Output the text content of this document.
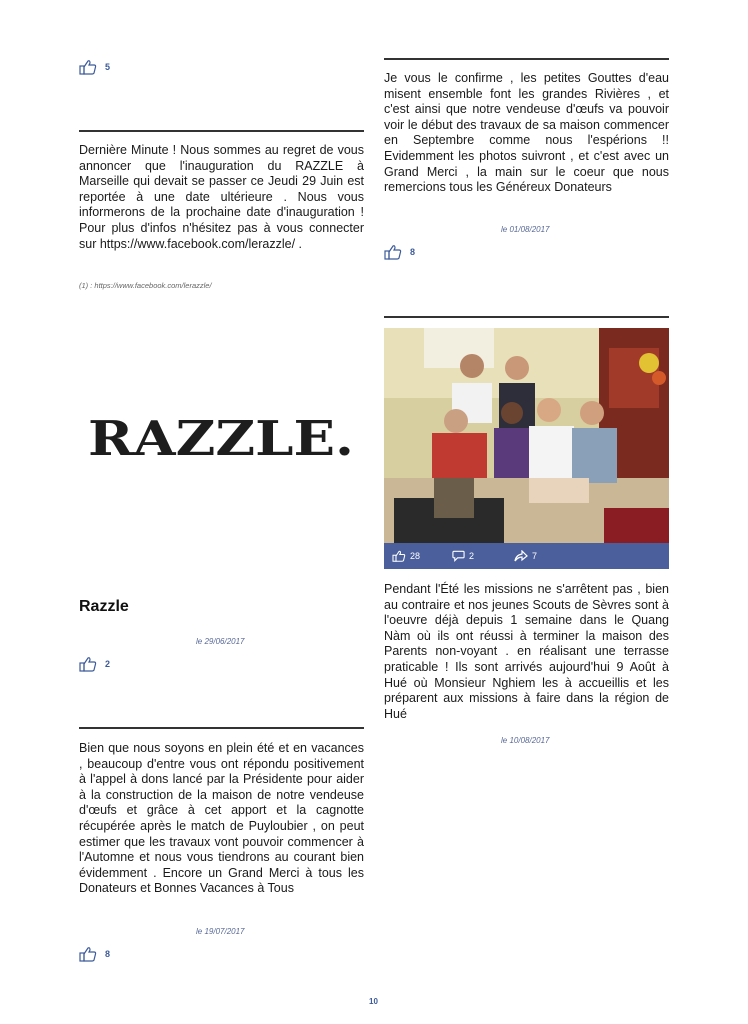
5
Dernière Minute ! Nous sommes au regret de vous annoncer que l'inauguration du RAZZLE à Marseille qui devait se passer ce Jeudi 29 Juin est reportée à une date ultérieure . Nous vous informerons de la prochaine date d'inauguration ! Pour plus d'infos n'hésitez pas à vous connecter sur https://www.facebook.com/lerazzle/ .
(1) : https://www.facebook.com/lerazzle/
RAZZLE.
Razzle
le 29/06/2017
2
Bien que nous soyons en plein été et en vacances , beaucoup d'entre vous ont répondu positivement à l'appel à dons lancé par la Présidente pour aider à la construction de la maison de notre vendeuse d'œufs et grâce à cet apport et la cagnotte récupérée après le match de Puyloubier , on peut estimer que les travaux vont pouvoir commencer à l'Automne et nous vous tiendrons au courant bien évidemment . Encore un Grand Merci à tous les Donateurs et Bonnes Vacances à Tous
le 19/07/2017
8
Je vous le confirme , les petites Gouttes d'eau misent ensemble font les grandes Rivières , et c'est ainsi que notre vendeuse d'œufs va pouvoir voir le début des travaux de sa maison commencer en Septembre comme nous l'espérions !! Evidemment les photos suivront , et c'est avec un Grand Merci , la main sur le coeur que nous remercions tous les Généreux Donateurs
le 01/08/2017
8
28	2	7
Pendant l'Été les missions ne s'arrêtent pas , bien au contraire et nos jeunes Scouts de Sèvres sont à l'oeuvre déjà depuis 1 semaine dans le Quang Nàm où ils ont réussi à terminer la maison des Parents non-voyant . en réalisant une terrasse praticable ! Ils sont arrivés aujourd'hui 9 Août à Hué où Monsieur Nghiem les à accueillis et les préparent aux missions à faire dans la région de Hué
le 10/08/2017
10
